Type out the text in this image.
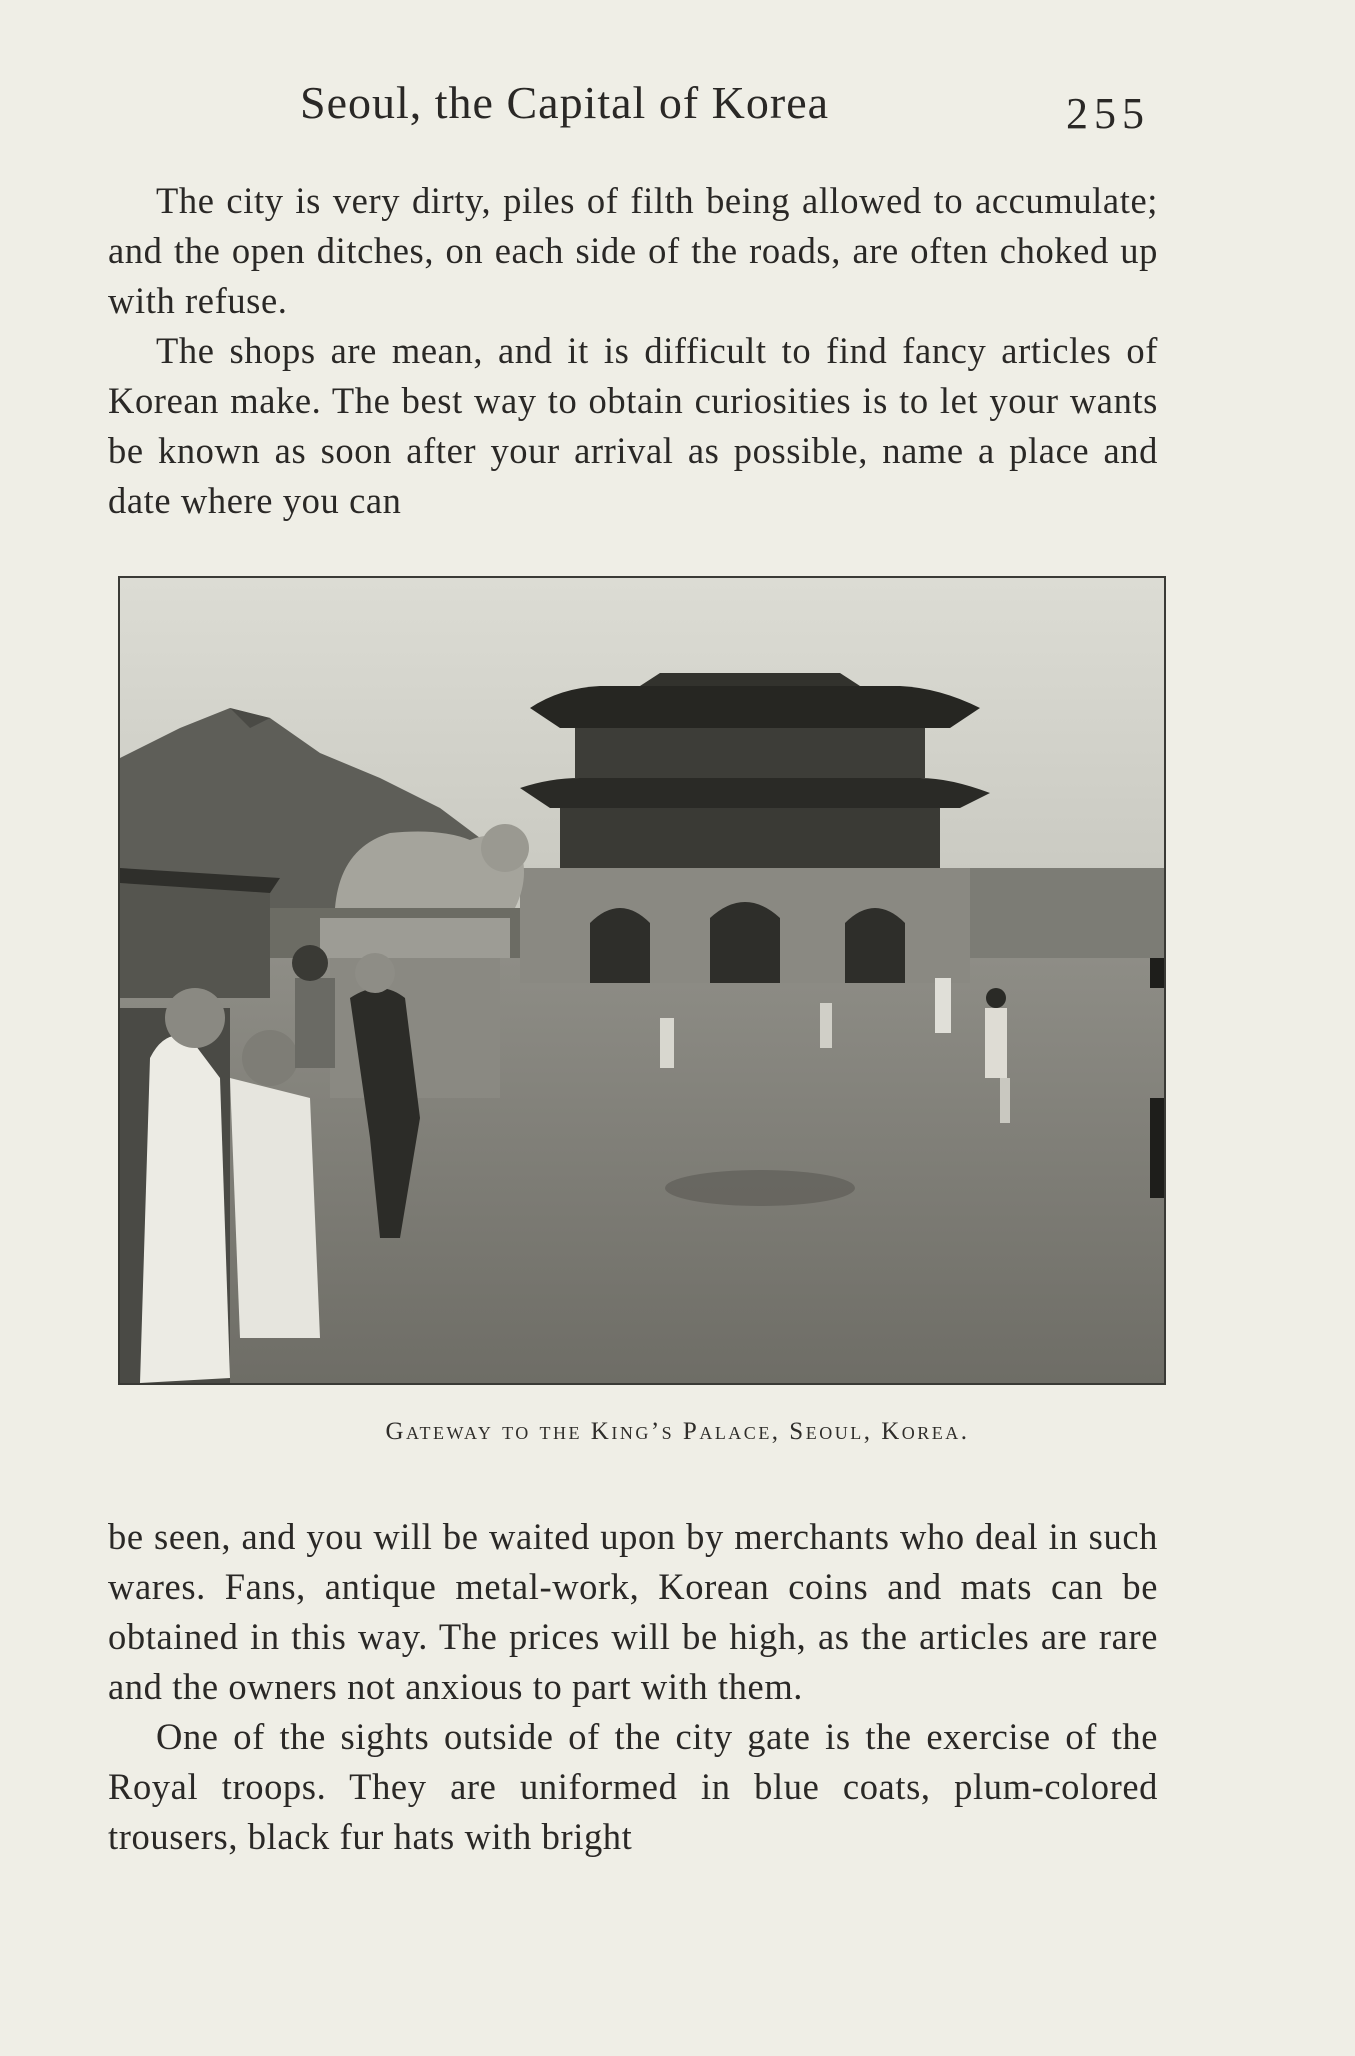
Seoul, the Capital of Korea	255

The city is very dirty, piles of filth being allowed to accumulate; and the open ditches, on each side of the roads, are often choked up with refuse.

The shops are mean, and it is difficult to find fancy articles of Korean make. The best way to obtain curiosities is to let your wants be known as soon after your arrival as possible, name a place and date where you can

Gateway to the King’s Palace, Seoul, Korea.

be seen, and you will be waited upon by merchants who deal in such wares. Fans, antique metal-work, Korean coins and mats can be obtained in this way. The prices will be high, as the articles are rare and the owners not anxious to part with them.

One of the sights outside of the city gate is the exercise of the Royal troops. They are uniformed in blue coats, plum-colored trousers, black fur hats with bright
